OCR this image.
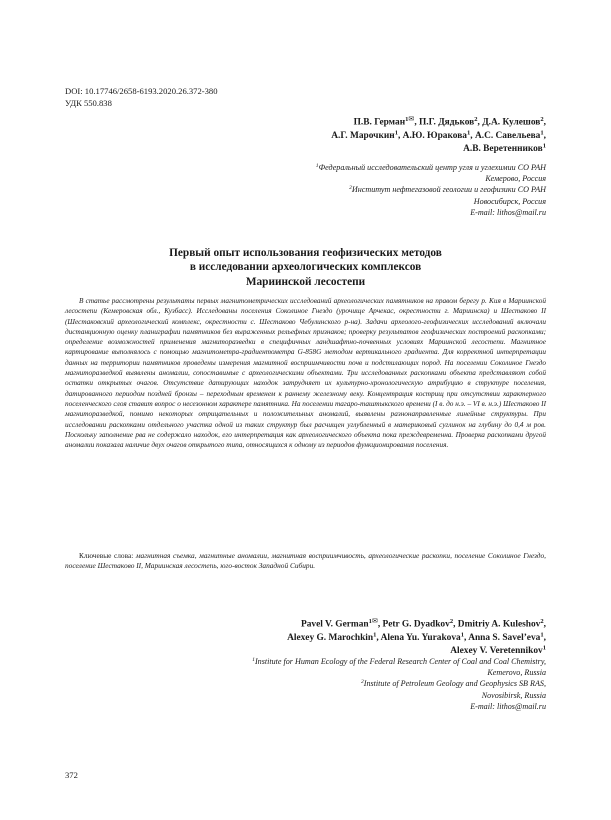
DOI: 10.17746/2658-6193.2020.26.372-380
УДК 550.838
П.В. Герман$^1$✉, П.Г. Дядьков$^2$, Д.А. Кулешов$^2$,
А.Г. Марочкин$^1$, А.Ю. Юракова$^1$, А.С. Савельева$^1$,
А.В. Веретенников$^1$
$^1$Федеральный исследовательский центр угля и углехимии СО РАН
Кемерово, Россия
$^2$Институт нефтегазовой геологии и геофизики СО РАН
Новосибирск, Россия
E-mail: lithos@mail.ru
Первый опыт использования геофизических методов
в исследовании археологических комплексов
Мариинской лесостепи
В статье рассмотрены результаты первых магнитометрических исследований археологических памятников на правом берегу р. Кия в Мариинской лесостепи (Кемеровская обл., Кузбасс). Исследованы поселения Соколиное Гнездо (урочище Арчекас, окрестности г. Мариинска) и Шестаково II (Шестаковский археологический комплекс, окрестности с. Шестаково Чебулинского р-на). Задачи археолого-геофизических исследований включали дистанционную оценку планиграфии памятников без выраженных рельефных признаков; проверку результатов геофизических построений раскопками; определение возможностей применения магниторазведки в специфичных ландшафтно-почвенных условиях Мариинской лесостепи. Магнитное картирование выполнялось с помощью магнитометра-градиентометра G-858G методом вертикального градиента. Для корректной интерпретации данных на территории памятников проведены измерения магнитной восприимчивости почв и подстилающих пород. На поселении Соколиное Гнездо магниторазведкой выявлены аномалии, сопоставимые с археологическими объектами. Три исследованных раскопками объекта представляют собой остатки открытых очагов. Отсутствие датирующих находок затрудняет их культурно-хронологическую атрибуцию в структуре поселения, датированного периодом поздней бронзы – переходным временем к раннему железному веку. Концентрация кострищ при отсутствии характерного поселенческого слоя ставит вопрос о несезонном характере памятника. На поселении тагаро-таштыкского времени (I в. до н.э. – VI в. н.э.) Шестаково II магниторазведкой, помимо некоторых отрицательных и положительных аномалий, выявлены разнонаправленные линейные структуры. При исследовании раскопками отдельного участка одной из таких структур был расчищен углубленный в материковый суглинок на глубину до 0,4 м ров. Поскольку заполнение рва не содержало находок, его интерпретация как археологического объекта пока преждевременна. Проверка раскопками другой аномалии показала наличие двух очагов открытого типа, относящихся к одному из периодов функционирования поселения.
Ключевые слова: магнитная съемка, магнитные аномалии, магнитная восприимчивость, археологические раскопки, поселение Соколиное Гнездо, поселение Шестаково II, Мариинская лесостепь, юго-восток Западной Сибири.
Pavel V. German$^1$✉, Petr G. Dyadkov$^2$, Dmitriy A. Kuleshov$^2$,
Alexey G. Marochkin$^1$, Alena Yu. Yurakova$^1$, Anna S. Savel’eva$^1$,
Alexey V. Veretennikov$^1$
$^1$Institute for Human Ecology of the Federal Research Center of Coal and Coal Chemistry,
Kemerovo, Russia
$^2$Institute of Petroleum Geology and Geophysics SB RAS,
Novosibirsk, Russia
E-mail: lithos@mail.ru
372
